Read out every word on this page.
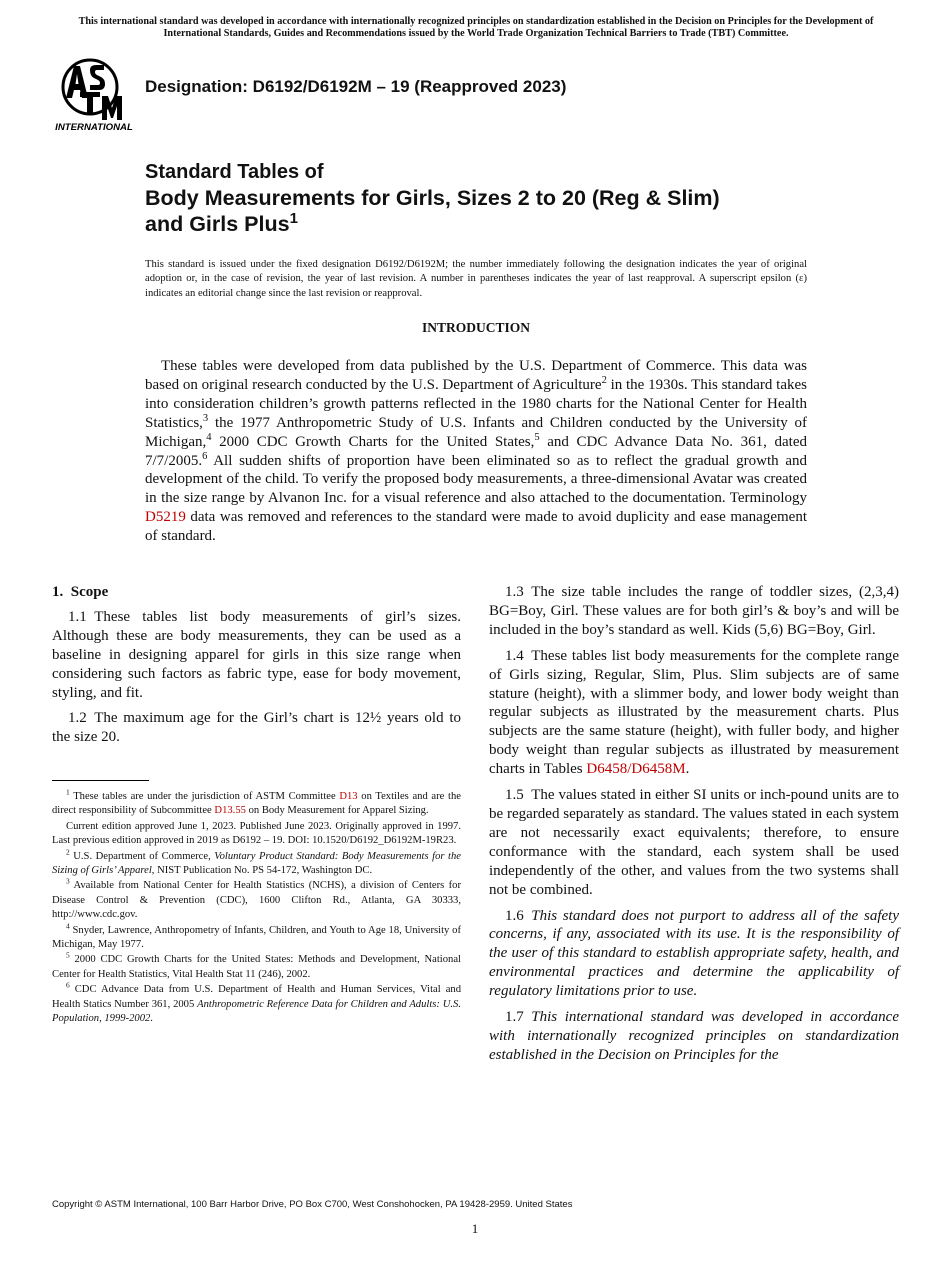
This international standard was developed in accordance with internationally recognized principles on standardization established in the Decision on Principles for the Development of International Standards, Guides and Recommendations issued by the World Trade Organization Technical Barriers to Trade (TBT) Committee.
INTERNATIONAL
Designation: D6192/D6192M – 19 (Reapproved 2023)
Standard Tables of
Body Measurements for Girls, Sizes 2 to 20 (Reg & Slim)
and Girls Plus$^1$
This standard is issued under the fixed designation D6192/D6192M; the number immediately following the designation indicates the year of original adoption or, in the case of revision, the year of last revision. A number in parentheses indicates the year of last reapproval. A superscript epsilon (ε) indicates an editorial change since the last revision or reapproval.
INTRODUCTION

These tables were developed from data published by the U.S. Department of Commerce. This data was based on original research conducted by the U.S. Department of Agriculture$^2$ in the 1930s. This standard takes into consideration children’s growth patterns reflected in the 1980 charts for the National Center for Health Statistics,$^3$ the 1977 Anthropometric Study of U.S. Infants and Children conducted by the University of Michigan,$^4$ 2000 CDC Growth Charts for the United States,$^5$ and CDC Advance Data No. 361, dated 7/7/2005.$^6$ All sudden shifts of proportion have been eliminated so as to reflect the gradual growth and development of the child. To verify the proposed body measurements, a three-dimensional Avatar was created in the size range by Alvanon Inc. for a visual reference and also attached to the documentation. Terminology D5219 data was removed and references to the standard were made to avoid duplicity and ease management of standard.

1. Scope

1.1 These tables list body measurements of girl’s sizes. Although these are body measurements, they can be used as a baseline in designing apparel for girls in this size range when considering such factors as fabric type, ease for body movement, styling, and fit.

1.2 The maximum age for the Girl’s chart is 12½ years old to the size 20.

$^1$ These tables are under the jurisdiction of ASTM Committee D13 on Textiles and are the direct responsibility of Subcommittee D13.55 on Body Measurement for Apparel Sizing.

Current edition approved June 1, 2023. Published June 2023. Originally approved in 1997. Last previous edition approved in 2019 as D6192 – 19. DOI: 10.1520/D6192_D6192M-19R23.

$^2$ U.S. Department of Commerce, Voluntary Product Standard: Body Measurements for the Sizing of Girls’ Apparel, NIST Publication No. PS 54-172, Washington DC.

$^3$ Available from National Center for Health Statistics (NCHS), a division of Centers for Disease Control & Prevention (CDC), 1600 Clifton Rd., Atlanta, GA 30333, http://www.cdc.gov.

$^4$ Snyder, Lawrence, Anthropometry of Infants, Children, and Youth to Age 18, University of Michigan, May 1977.

$^5$ 2000 CDC Growth Charts for the United States: Methods and Development, National Center for Health Statistics, Vital Health Stat 11 (246), 2002.

$^6$ CDC Advance Data from U.S. Department of Health and Human Services, Vital and Health Statics Number 361, 2005 Anthropometric Reference Data for Children and Adults: U.S. Population, 1999-2002.

1.3 The size table includes the range of toddler sizes, (2,3,4) BG=Boy, Girl. These values are for both girl’s & boy’s and will be included in the boy’s standard as well. Kids (5,6) BG=Boy, Girl.

1.4 These tables list body measurements for the complete range of Girls sizing, Regular, Slim, Plus. Slim subjects are of same stature (height), with a slimmer body, and lower body weight than regular subjects as illustrated by the measurement charts. Plus subjects are the same stature (height), with fuller body, and higher body weight than regular subjects as illustrated by measurement charts in Tables D6458/D6458M.

1.5 The values stated in either SI units or inch-pound units are to be regarded separately as standard. The values stated in each system are not necessarily exact equivalents; therefore, to ensure conformance with the standard, each system shall be used independently of the other, and values from the two systems shall not be combined.

1.6 This standard does not purport to address all of the safety concerns, if any, associated with its use. It is the responsibility of the user of this standard to establish appropriate safety, health, and environmental practices and determine the applicability of regulatory limitations prior to use.

1.7 This international standard was developed in accordance with internationally recognized principles on standardization established in the Decision on Principles for the

Copyright © ASTM International, 100 Barr Harbor Drive, PO Box C700, West Conshohocken, PA 19428-2959. United States
1
